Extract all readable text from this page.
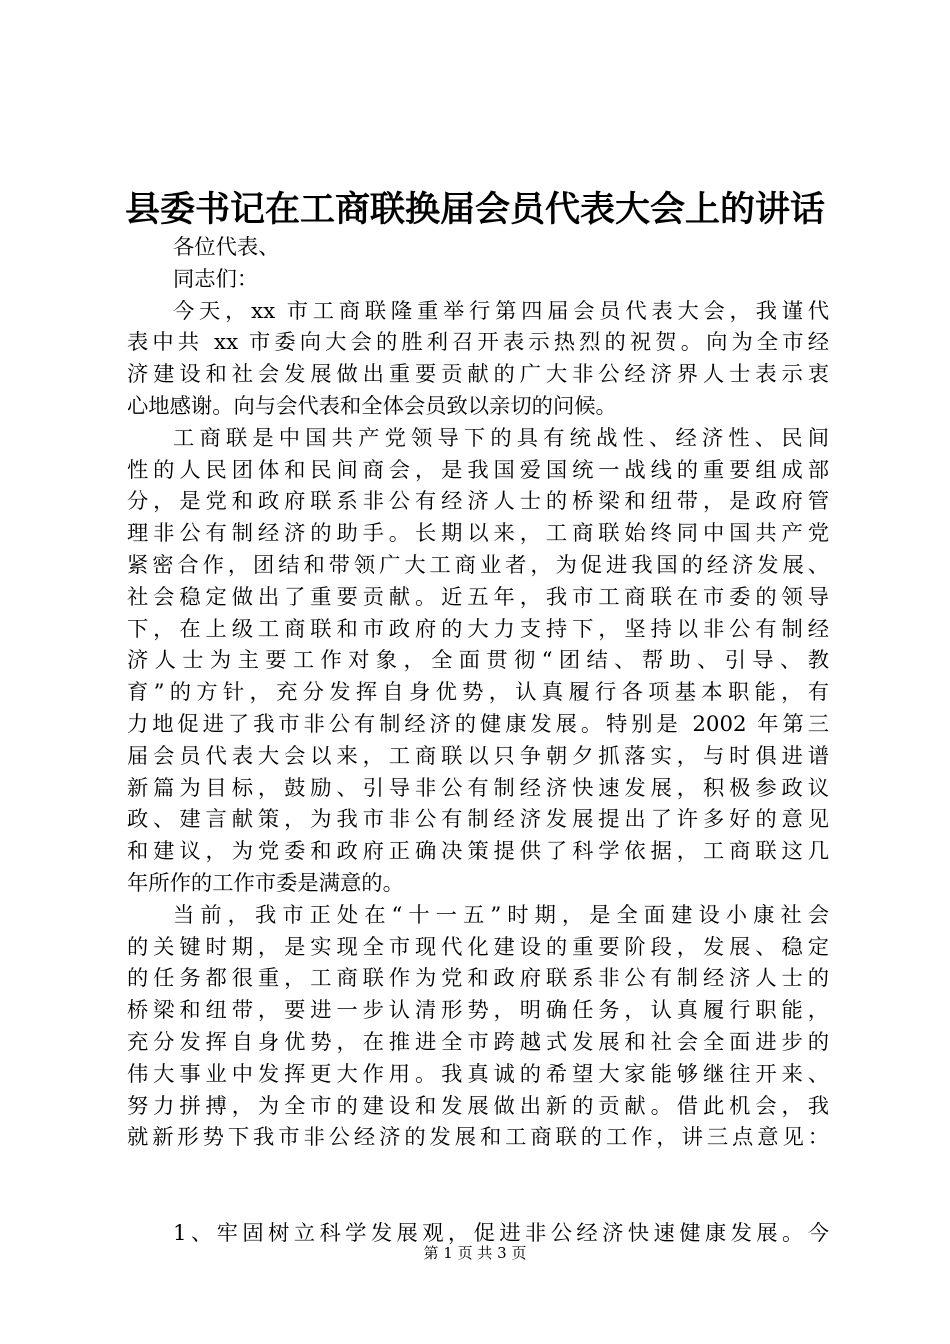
县委书记在工商联换届会员代表大会上的讲话
各位代表、
同志们：
今天，xx 市工商联隆重举行第四届会员代表大会，我谨代
表中共 xx 市委向大会的胜利召开表示热烈的祝贺。向为全市经
济建设和社会发展做出重要贡献的广大非公经济界人士表示衷
心地感谢。向与会代表和全体会员致以亲切的问候。
工商联是中国共产党领导下的具有统战性、经济性、民间
性的人民团体和民间商会，是我国爱国统一战线的重要组成部
分，是党和政府联系非公有经济人士的桥梁和纽带，是政府管
理非公有制经济的助手。长期以来，工商联始终同中国共产党
紧密合作，团结和带领广大工商业者，为促进我国的经济发展、
社会稳定做出了重要贡献。近五年，我市工商联在市委的领导
下，在上级工商联和市政府的大力支持下，坚持以非公有制经
济人士为主要工作对象，全面贯彻“团结、帮助、引导、教
育”的方针，充分发挥自身优势，认真履行各项基本职能，有
力地促进了我市非公有制经济的健康发展。特别是 2002 年第三
届会员代表大会以来，工商联以只争朝夕抓落实，与时俱进谱
新篇为目标，鼓励、引导非公有制经济快速发展，积极参政议
政、建言献策，为我市非公有制经济发展提出了许多好的意见
和建议，为党委和政府正确决策提供了科学依据，工商联这几
年所作的工作市委是满意的。
当前，我市正处在“十一五”时期，是全面建设小康社会
的关键时期，是实现全市现代化建设的重要阶段，发展、稳定
的任务都很重，工商联作为党和政府联系非公有制经济人士的
桥梁和纽带，要进一步认清形势，明确任务，认真履行职能，
充分发挥自身优势，在推进全市跨越式发展和社会全面进步的
伟大事业中发挥更大作用。我真诚的希望大家能够继往开来、
努力拼搏，为全市的建设和发展做出新的贡献。借此机会，我
就新形势下我市非公经济的发展和工商联的工作，讲三点意见：
1、牢固树立科学发展观，促进非公经济快速健康发展。今
第 1 页 共 3 页
